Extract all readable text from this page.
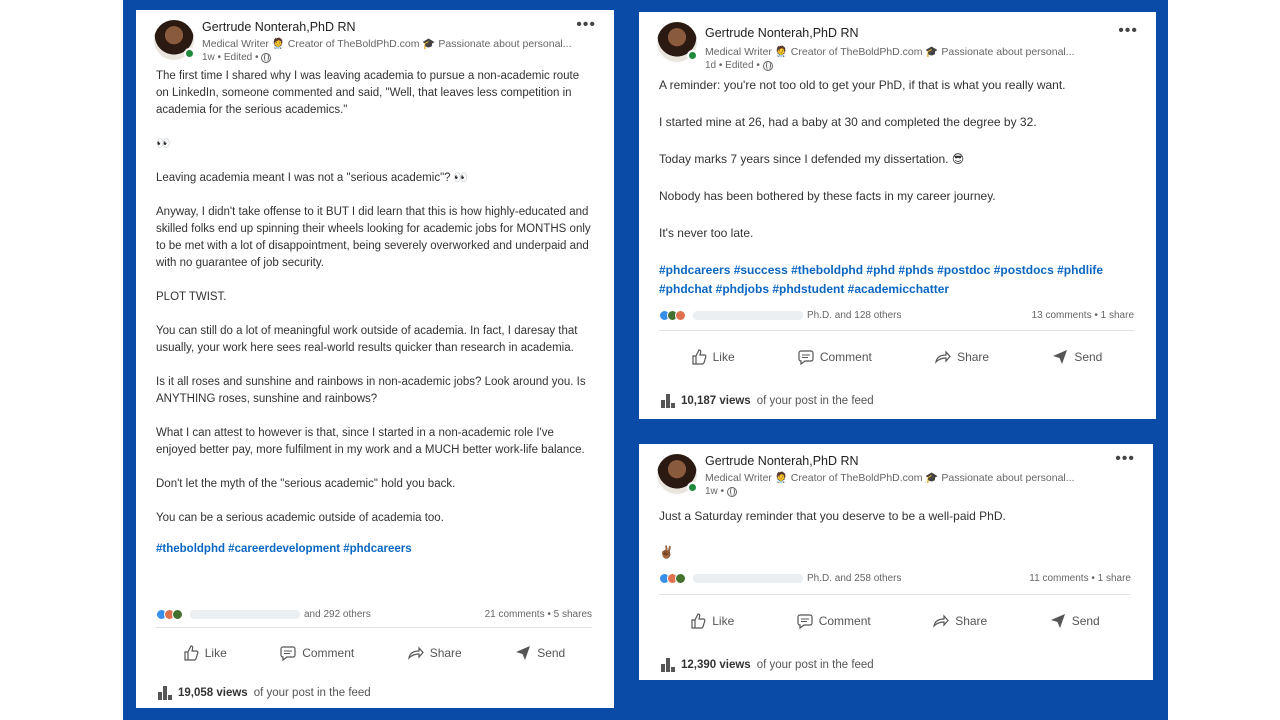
Gertrude Nonterah,PhD RN
Medical Writer 🧑‍⚕️ Creator of TheBoldPhD.com 🎓 Passionate about personal...
1w • Edited •
•••

The first time I shared why I was leaving academia to pursue a non-academic route on LinkedIn, someone commented and said, "Well, that leaves less competition in academia for the serious academics."

👀

Leaving academia meant I was not a "serious academic"? 👀

Anyway, I didn't take offense to it BUT I did learn that this is how highly-educated and skilled folks end up spinning their wheels looking for academic jobs for MONTHS only to be met with a lot of disappointment, being severely overworked and underpaid and with no guarantee of job security.

PLOT TWIST.

You can still do a lot of meaningful work outside of academia. In fact, I daresay that usually, your work here sees real-world results quicker than research in academia.

Is it all roses and sunshine and rainbows in non-academic jobs? Look around you. Is ANYTHING roses, sunshine and rainbows?

What I can attest to however is that, since I started in a non-academic role I've enjoyed better pay, more fulfilment in my work and a MUCH better work-life balance.

Don't let the myth of the "serious academic" hold you back.

You can be a serious academic outside of academia too.

#theboldphd #careerdevelopment #phdcareers
and 292 others	21 comments • 5 shares
Like	Comment	Share	Send
19,058 views of your post in the feed
Gertrude Nonterah,PhD RN
Medical Writer 🧑‍⚕️ Creator of TheBoldPhD.com 🎓 Passionate about personal...
1d • Edited •
•••

A reminder: you're not too old to get your PhD, if that is what you really want.

I started mine at 26, had a baby at 30 and completed the degree by 32.

Today marks 7 years since I defended my dissertation. 😎

Nobody has been bothered by these facts in my career journey.

It's never too late.

#phdcareers #success #theboldphd #phd #phds #postdoc #postdocs #phdlife #phdchat #phdjobs #phdstudent #academicchatter
Ph.D. and 128 others	13 comments • 1 share
Like	Comment	Share	Send
10,187 views of your post in the feed
Gertrude Nonterah,PhD RN
Medical Writer 🧑‍⚕️ Creator of TheBoldPhD.com 🎓 Passionate about personal...
1w •
•••

Just a Saturday reminder that you deserve to be a well-paid PhD.

✌🏾

Ph.D. and 258 others	11 comments • 1 share
Like	Comment	Share	Send
12,390 views of your post in the feed
